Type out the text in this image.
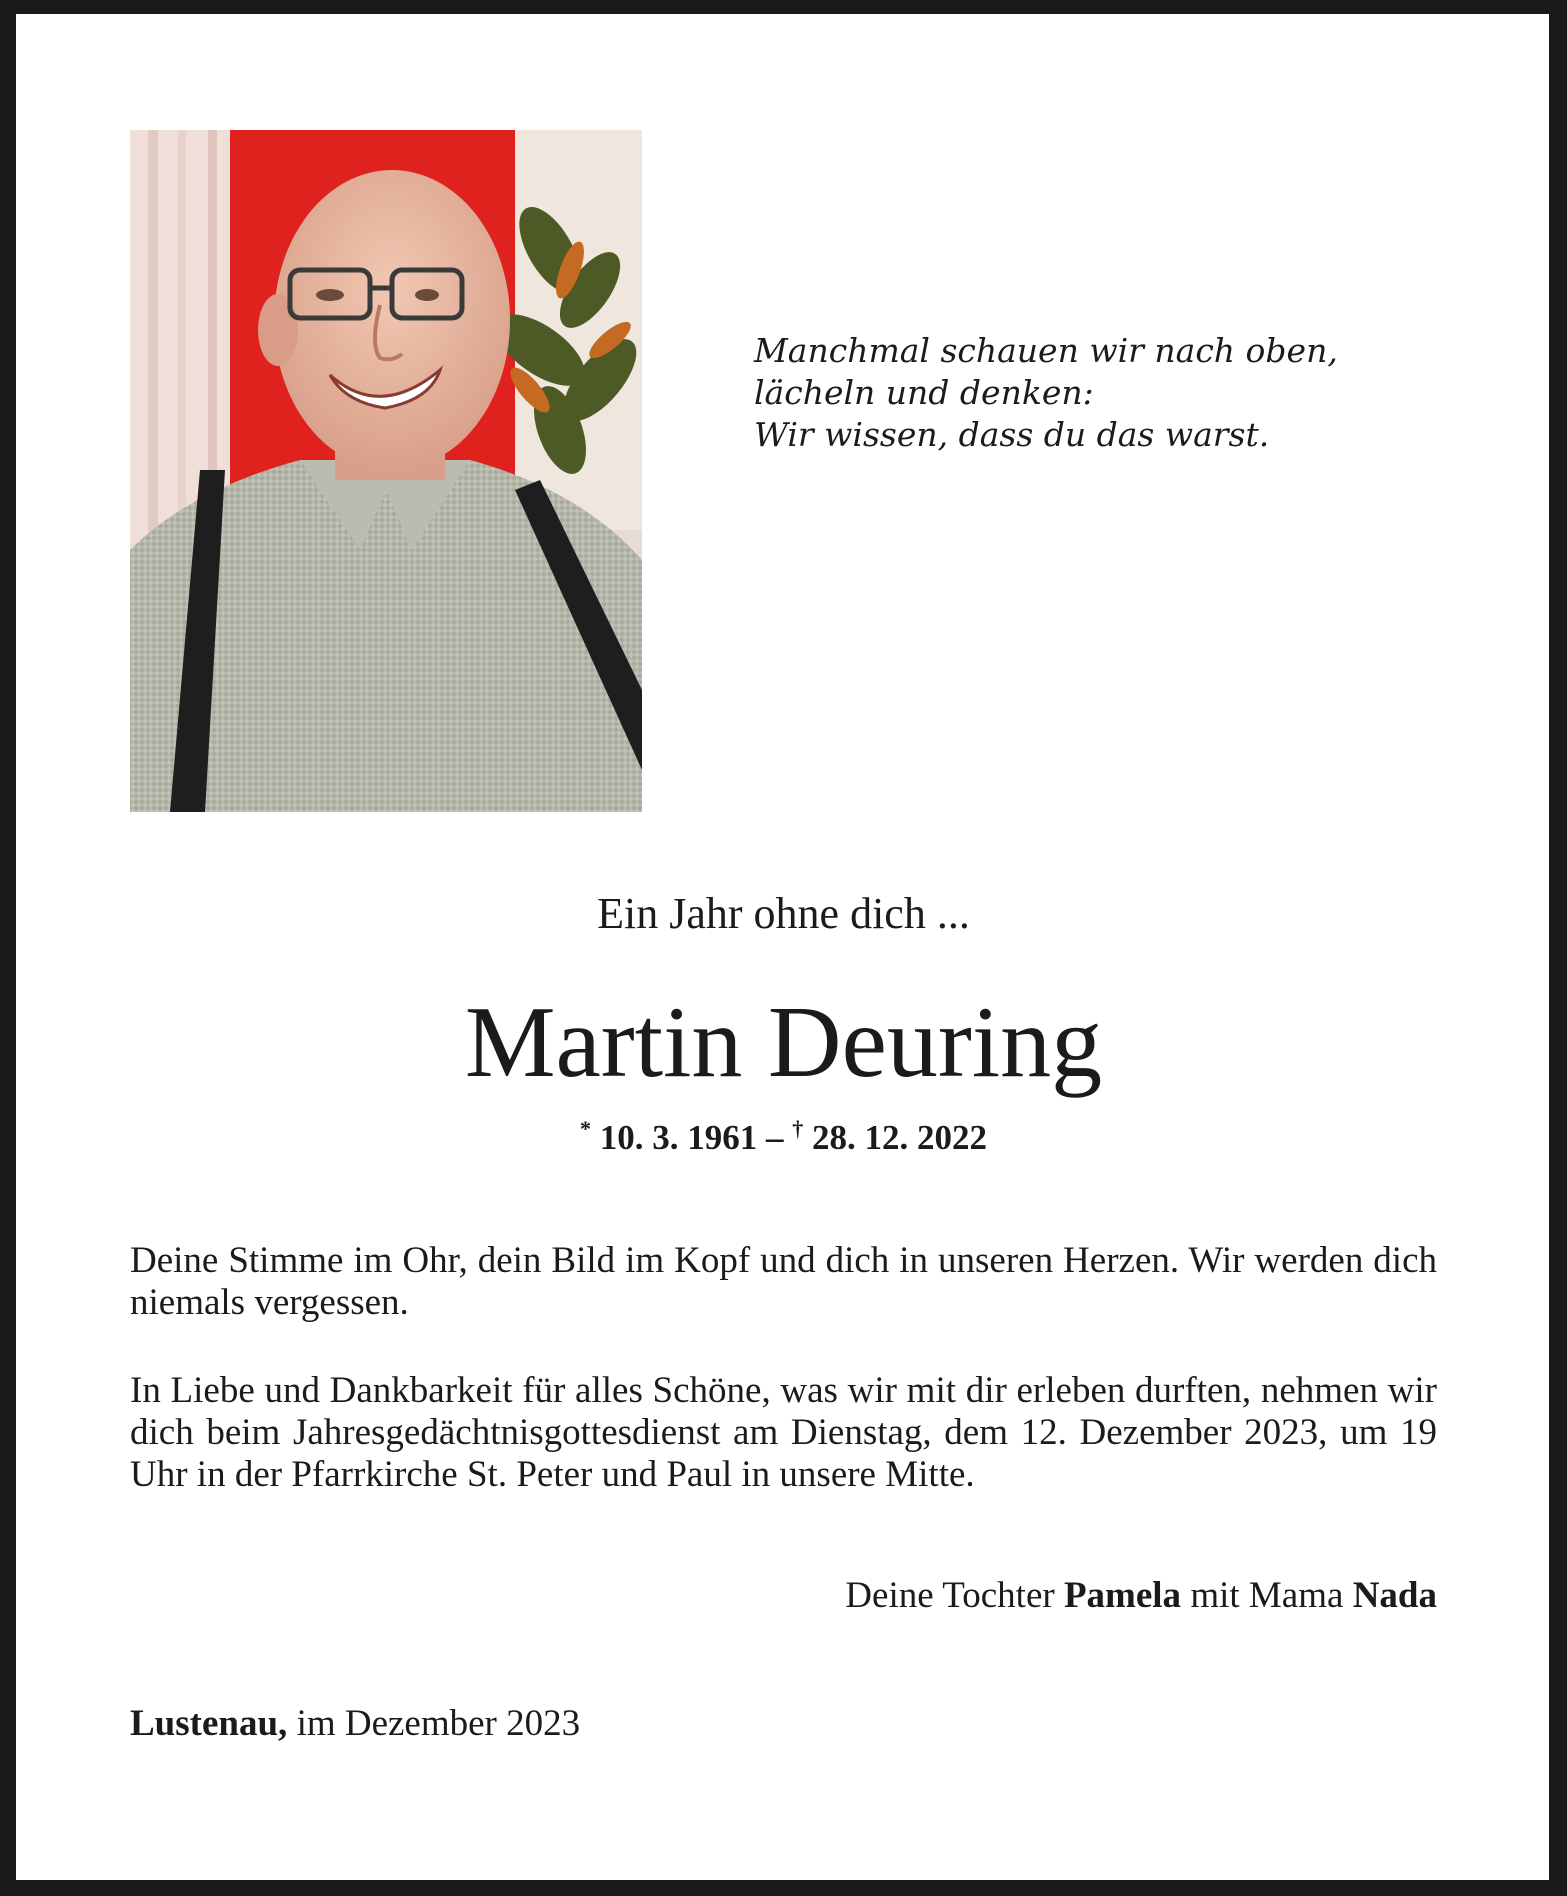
Manchmal schauen wir nach oben,
lächeln und denken:
Wir wissen, dass du das warst.
Ein Jahr ohne dich ...
Martin Deuring
* 10. 3. 1961 – † 28. 12. 2022
Deine Stimme im Ohr, dein Bild im Kopf und dich in unseren Herzen. Wir werden dich niemals vergessen.
In Liebe und Dankbarkeit für alles Schöne, was wir mit dir erleben durften, nehmen wir dich beim Jahresgedächtnisgottesdienst am Dienstag, dem 12. Dezember 2023, um 19 Uhr in der Pfarrkirche St. Peter und Paul in unsere Mitte.
Deine Tochter Pamela mit Mama Nada
Lustenau, im Dezember 2023
